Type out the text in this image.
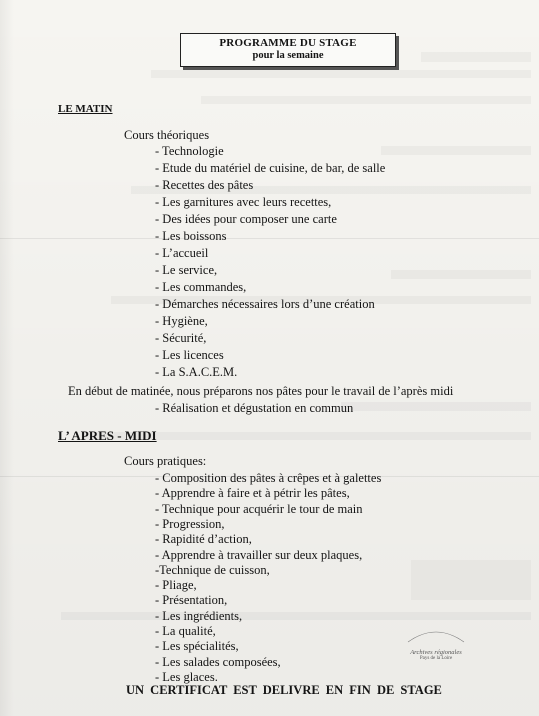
PROGRAMME DU STAGE
pour la semaine
LE MATIN
Cours théoriques
- Technologie
- Etude du matériel de cuisine, de bar, de salle
- Recettes des pâtes
- Les garnitures avec leurs recettes,
- Des idées pour composer une carte
- Les boissons
- L’accueil
- Le service,
- Les commandes,
- Démarches nécessaires lors d’une création
- Hygiène,
- Sécurité,
- Les licences
- La S.A.C.E.M.
En début de matinée, nous préparons nos pâtes pour le travail de l’après midi
- Réalisation et dégustation en commun
L’ APRES - MIDI
Cours pratiques:
- Composition des pâtes à crêpes et à galettes
- Apprendre à faire et à pétrir les pâtes,
- Technique pour acquérir le tour de main
- Progression,
- Rapidité d’action,
- Apprendre à travailler sur deux plaques,
-Technique de cuisson,
- Pliage,
- Présentation,
- Les ingrédients,
- La qualité,
- Les spécialités,	Archives régionales
Pays de la Loire
UN CERTIFICAT EST DELIVRE EN FIN DE STAGE
- Les salades composées,
- Les glaces.
